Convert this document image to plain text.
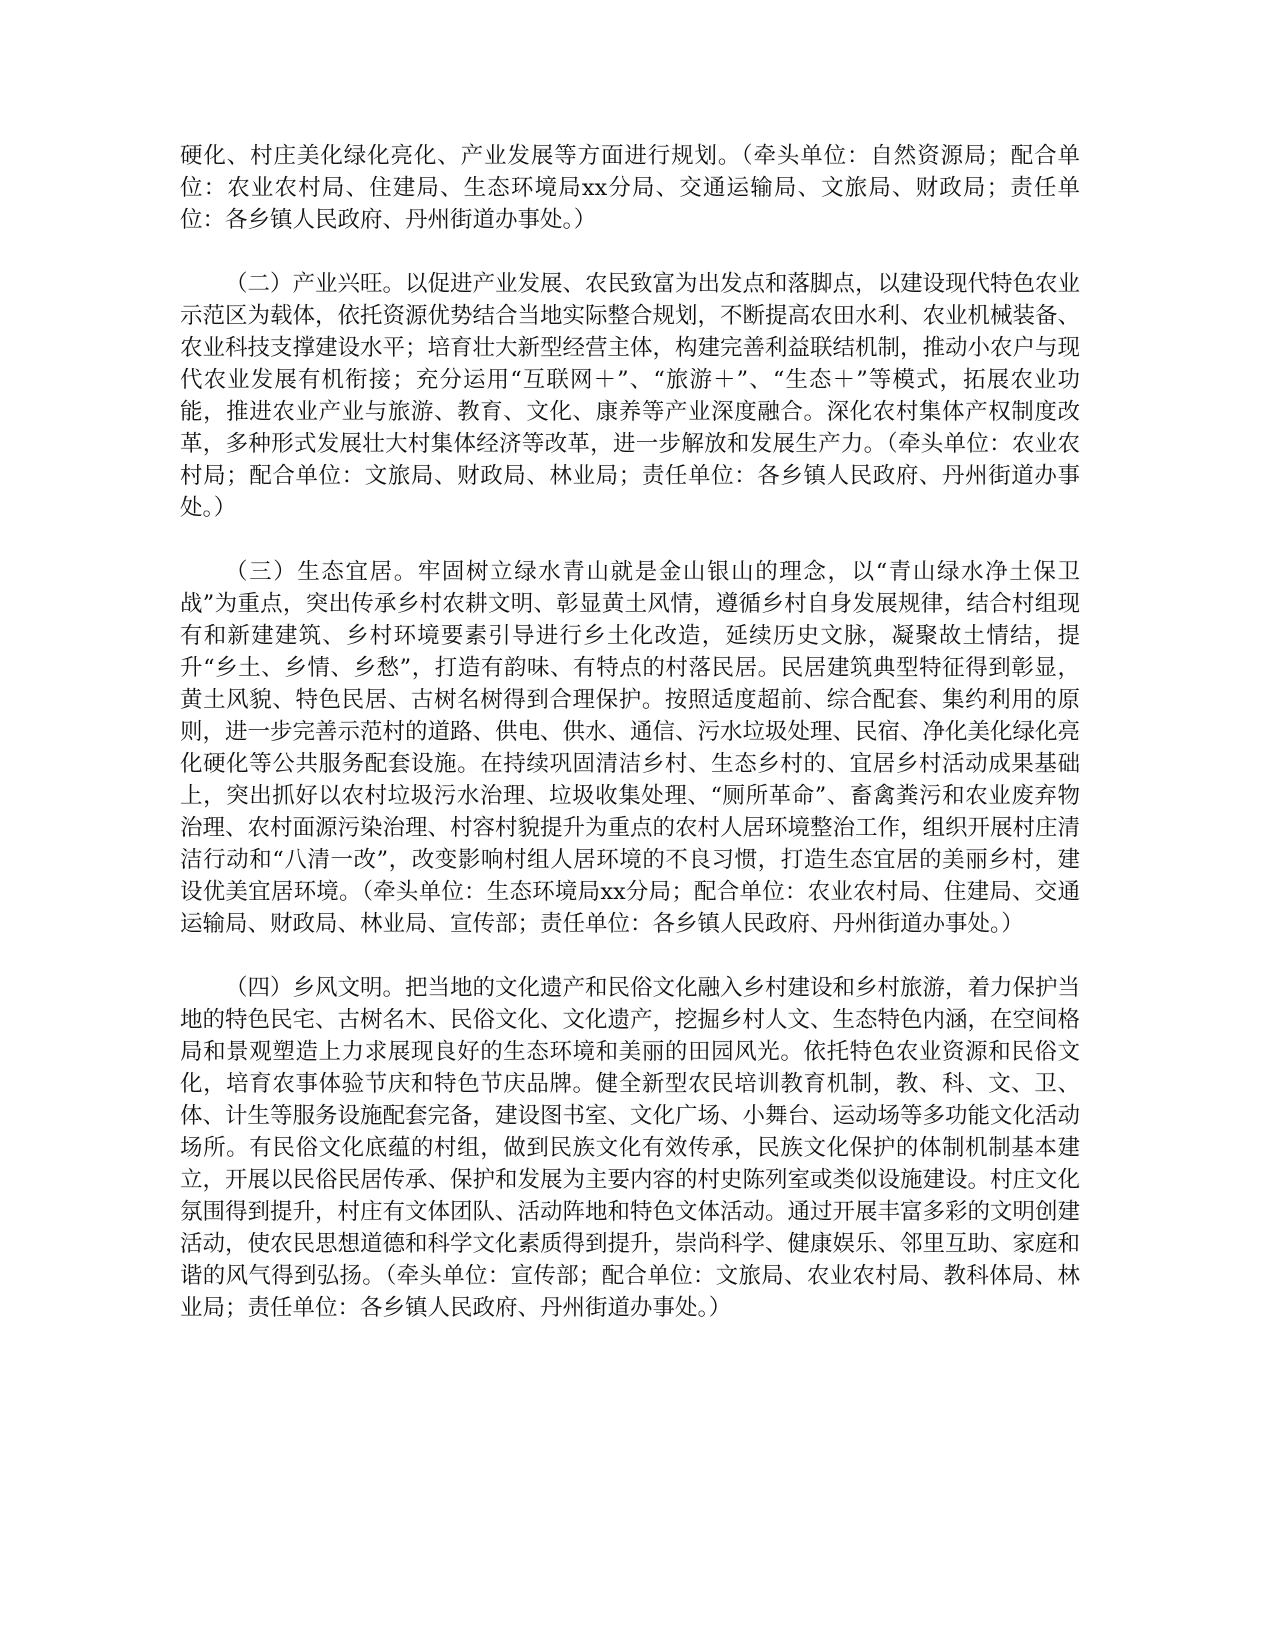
硬化、村庄美化绿化亮化、产业发展等方面进行规划。（牵头单位：自然资源局；配合单位：农业农村局、住建局、生态环境局xx分局、交通运输局、文旅局、财政局；责任单位：各乡镇人民政府、丹州街道办事处。）

（二）产业兴旺。以促进产业发展、农民致富为出发点和落脚点，以建设现代特色农业示范区为载体，依托资源优势结合当地实际整合规划，不断提高农田水利、农业机械装备、农业科技支撑建设水平；培育壮大新型经营主体，构建完善利益联结机制，推动小农户与现代农业发展有机衔接；充分运用“互联网＋”、“旅游＋”、“生态＋”等模式，拓展农业功能，推进农业产业与旅游、教育、文化、康养等产业深度融合。深化农村集体产权制度改革，多种形式发展壮大村集体经济等改革，进一步解放和发展生产力。（牵头单位：农业农村局；配合单位：文旅局、财政局、林业局；责任单位：各乡镇人民政府、丹州街道办事处。）

（三）生态宜居。牢固树立绿水青山就是金山银山的理念，以“青山绿水净土保卫战”为重点，突出传承乡村农耕文明、彰显黄土风情，遵循乡村自身发展规律，结合村组现有和新建建筑、乡村环境要素引导进行乡土化改造，延续历史文脉，凝聚故土情结，提升“乡土、乡情、乡愁”，打造有韵味、有特点的村落民居。民居建筑典型特征得到彰显，黄土风貌、特色民居、古树名树得到合理保护。按照适度超前、综合配套、集约利用的原则，进一步完善示范村的道路、供电、供水、通信、污水垃圾处理、民宿、净化美化绿化亮化硬化等公共服务配套设施。在持续巩固清洁乡村、生态乡村的、宜居乡村活动成果基础上，突出抓好以农村垃圾污水治理、垃圾收集处理、“厕所革命”、畜禽粪污和农业废弃物治理、农村面源污染治理、村容村貌提升为重点的农村人居环境整治工作，组织开展村庄清洁行动和“八清一改”，改变影响村组人居环境的不良习惯，打造生态宜居的美丽乡村，建设优美宜居环境。（牵头单位：生态环境局xx分局；配合单位：农业农村局、住建局、交通运输局、财政局、林业局、宣传部；责任单位：各乡镇人民政府、丹州街道办事处。）

（四）乡风文明。把当地的文化遗产和民俗文化融入乡村建设和乡村旅游，着力保护当地的特色民宅、古树名木、民俗文化、文化遗产，挖掘乡村人文、生态特色内涵，在空间格局和景观塑造上力求展现良好的生态环境和美丽的田园风光。依托特色农业资源和民俗文化，培育农事体验节庆和特色节庆品牌。健全新型农民培训教育机制，教、科、文、卫、体、计生等服务设施配套完备，建设图书室、文化广场、小舞台、运动场等多功能文化活动场所。有民俗文化底蕴的村组，做到民族文化有效传承，民族文化保护的体制机制基本建立，开展以民俗民居传承、保护和发展为主要内容的村史陈列室或类似设施建设。村庄文化氛围得到提升，村庄有文体团队、活动阵地和特色文体活动。通过开展丰富多彩的文明创建活动，使农民思想道德和科学文化素质得到提升，崇尚科学、健康娱乐、邻里互助、家庭和谐的风气得到弘扬。（牵头单位：宣传部；配合单位：文旅局、农业农村局、教科体局、林业局；责任单位：各乡镇人民政府、丹州街道办事处。）
